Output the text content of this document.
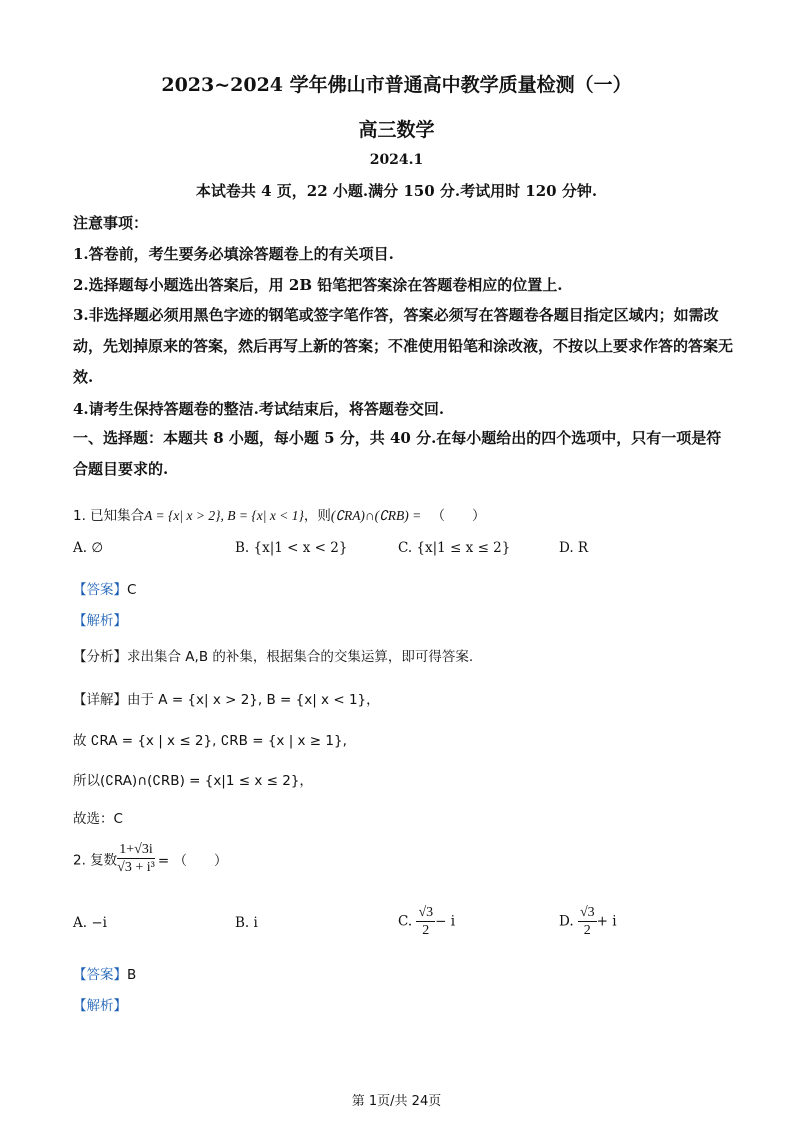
2023~2024 学年佛山市普通高中教学质量检测（一）
高三数学
2024.1
本试卷共 4 页，22 小题.满分 150 分.考试用时 120 分钟.
注意事项：
1.答卷前，考生要务必填涂答题卷上的有关项目.
2.选择题每小题选出答案后，用 2B 铅笔把答案涂在答题卷相应的位置上.
3.非选择题必须用黑色字迹的钢笔或签字笔作答，答案必须写在答题卷各题目指定区域内；如需改动，先划掉原来的答案，然后再写上新的答案；不准使用铅笔和涂改液，不按以上要求作答的答案无效.
4.请考生保持答题卷的整洁.考试结束后，将答题卷交回.
一、选择题：本题共 8 小题，每小题 5 分，共 40 分.在每小题给出的四个选项中，只有一项是符合题目要求的.
1. 已知集合A = {x| x > 2}, B = {x| x < 1}，则(∁RA)∩(∁RB) = （　　）
A. ∅	B. {x|1 < x < 2}	C. {x|1 ≤ x ≤ 2}	D. R
【答案】C
【解析】
【分析】求出集合 A,B 的补集，根据集合的交集运算，即可得答案.
【详解】由于 A = {x| x > 2}, B = {x| x < 1}，
故 ∁RA = {x | x ≤ 2}, ∁RB = {x | x ≥ 1},
所以(∁RA)∩(∁RB) = {x|1 ≤ x ≤ 2}，
故选：C
2. 复数 $\frac{1+√3i}{\text{√3 + i³}}$ = （　　）
A. −i	B. i	C. $\frac{√3}{2} - i$	D. $\frac{√3}{2} + i$
【答案】B
【解析】
第 1页/共 24页
